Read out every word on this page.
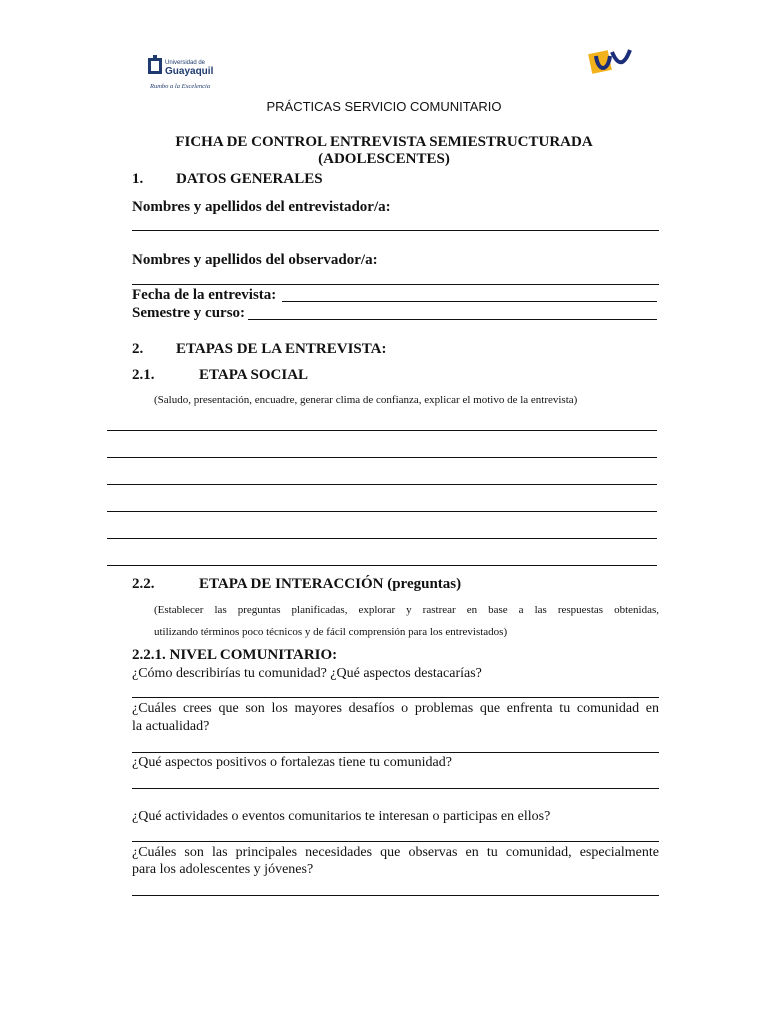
Universidad de
Guayaquil
Rumbo a la Excelencia
PRÁCTICAS SERVICIO COMUNITARIO
FICHA DE CONTROL ENTREVISTA SEMIESTRUCTURADA
(ADOLESCENTES)
1. DATOS GENERALES
Nombres y apellidos del entrevistador/a:
Nombres y apellidos del observador/a:
Fecha de la entrevista:
Semestre y curso:
2. ETAPAS DE LA ENTREVISTA:
2.1.	ETAPA SOCIAL
(Saludo, presentación, encuadre, generar clima de confianza, explicar el motivo de la entrevista)
2.2.	ETAPA DE INTERACCIÓN (preguntas)
(Establecer las preguntas planificadas, explorar y rastrear en base a las respuestas obtenidas,
utilizando términos poco técnicos y de fácil comprensión para los entrevistados)
2.2.1. NIVEL COMUNITARIO:
¿Cómo describirías tu comunidad? ¿Qué aspectos destacarías?
¿Cuáles crees que son los mayores desafíos o problemas que enfrenta tu comunidad en
la actualidad?
¿Qué aspectos positivos o fortalezas tiene tu comunidad?
¿Qué actividades o eventos comunitarios te interesan o participas en ellos?
¿Cuáles son las principales necesidades que observas en tu comunidad, especialmente
para los adolescentes y jóvenes?
